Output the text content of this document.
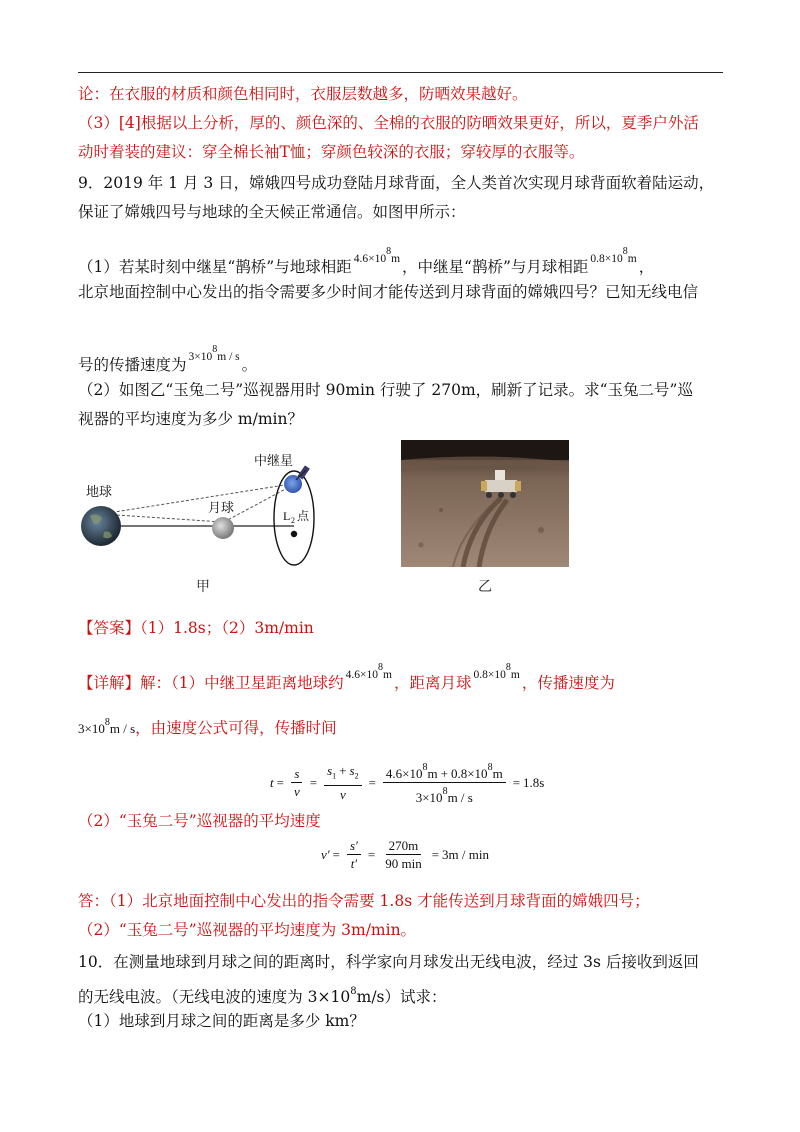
论：在衣服的材质和颜色相同时，衣服层数越多，防晒效果越好。
（3）[4]根据以上分析，厚的、颜色深的、全棉的衣服的防晒效果更好，所以，夏季户外活
动时着装的建议：穿全棉长袖T恤；穿颜色较深的衣服；穿较厚的衣服等。
9．2019 年 1 月 3 日，嫦娥四号成功登陆月球背面，全人类首次实现月球背面软着陆运动，
保证了嫦娥四号与地球的全天候正常通信。如图甲所示：
（1）若某时刻中继星“鹊桥”与地球相距 $^{4.6\times 108m}$ ，中继星“鹊桥”与月球相距 $^{0.8\times 108m}$ ，
北京地面控制中心发出的指令需要多少时间才能传送到月球背面的嫦娥四号？已知无线电信
号的传播速度为 $^{3\times 108m / s}$ 。
（2）如图乙“玉兔二号”巡视器用时 90min 行驶了 270m，刷新了记录。求“玉兔二号”巡
视器的平均速度为多少 m/min？
地球
月球
中继星
L 2 点
甲	乙
【答案】（1）1.8s；（2）3m/min
【详解】解：（1）中继卫星距离地球约 $^{4.6\times 108m}$ ，距离月球 $^{0.8\times 108m}$ ，传播速度为
$3\times 10^8m / s$，由速度公式可得，传播时间
$t = \frac{s}{v} = \frac{s_1 + s_2}{v} = \frac{4.6\times 10^8m + 0.8\times 10^8m}{3\times 10^8m / s} = 1.8s$
（2）“玉兔二号”巡视器的平均速度
$v' = \frac{s'}{t'} = \frac{270m}{90 \min} = 3m / \min$
答：（1）北京地面控制中心发出的指令需要 1.8s 才能传送到月球背面的嫦娥四号；
（2）“玉兔二号”巡视器的平均速度为 3m/min。
10．在测量地球到月球之间的距离时，科学家向月球发出无线电波，经过 3s 后接收到返回
的无线电波。（无线电波的速度为 $3\times 10^8m/s$）试求：
（1）地球到月球之间的距离是多少 km？
